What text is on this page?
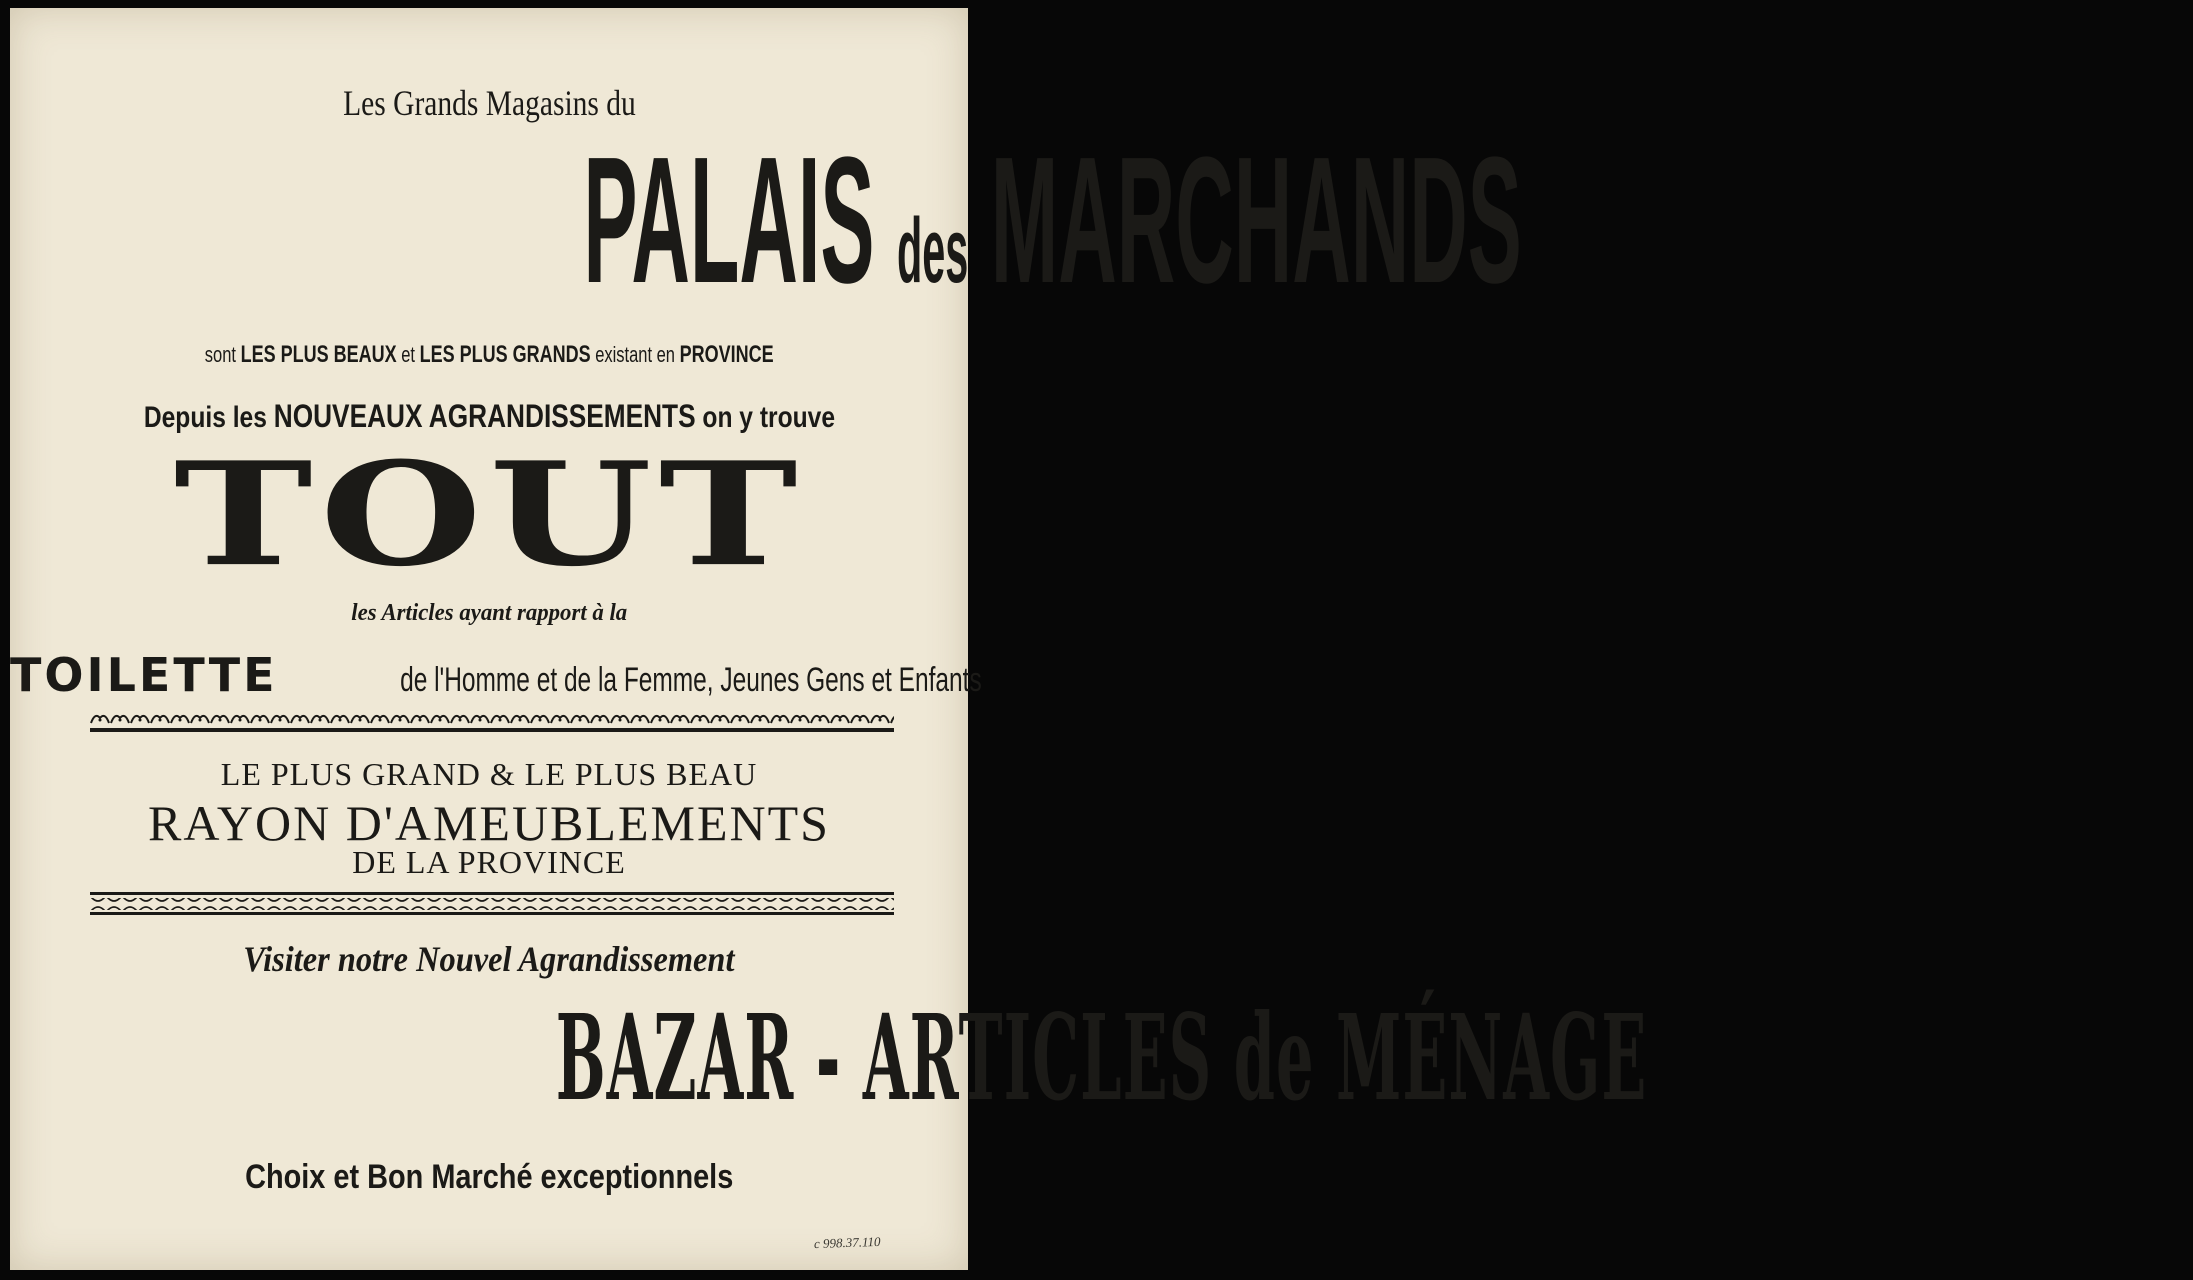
Les Grands Magasins du
PALAIS des MARCHANDS
sont LES PLUS BEAUX et LES PLUS GRANDS existant en PROVINCE
Depuis les NOUVEAUX AGRANDISSEMENTS on y trouve
TOUT
les Articles ayant rapport à la
TOILETTE	de l'Homme et de la Femme, Jeunes Gens et Enfants
LE PLUS GRAND & LE PLUS BEAU
RAYON D'AMEUBLEMENTS
DE LA PROVINCE
Visiter notre Nouvel Agrandissement
BAZAR - ARTICLES de MÉNAGE
Choix et Bon Marché exceptionnels
c 998.37.110
